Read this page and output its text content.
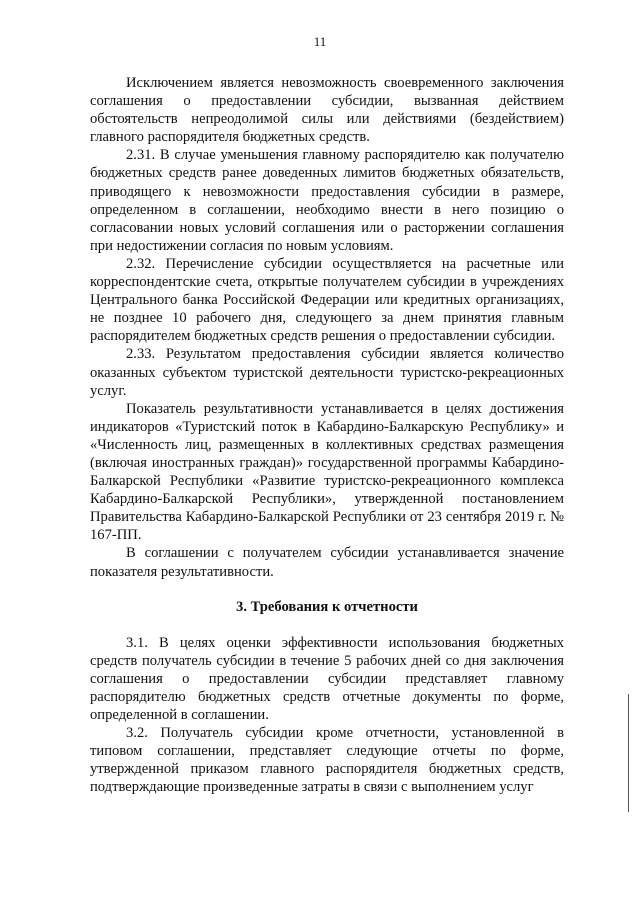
11

Исключением является невозможность своевременного заключения соглашения о предоставлении субсидии, вызванная действием обстоятельств непреодолимой силы или действиями (бездействием) главного распорядителя бюджетных средств.

2.31. В случае уменьшения главному распорядителю как получателю бюджетных средств ранее доведенных лимитов бюджетных обязательств, приводящего к невозможности предоставления субсидии в размере, определенном в соглашении, необходимо внести в него позицию о согласовании новых условий соглашения или о расторжении соглашения при недостижении согласия по новым условиям.

2.32. Перечисление субсидии осуществляется на расчетные или корреспондентские счета, открытые получателем субсидии в учреждениях Центрального банка Российской Федерации или кредитных организациях, не позднее 10 рабочего дня, следующего за днем принятия главным распорядителем бюджетных средств решения о предоставлении субсидии.

2.33. Результатом предоставления субсидии является количество оказанных субъектом туристской деятельности туристско-рекреационных услуг.

Показатель результативности устанавливается в целях достижения индикаторов «Туристский поток в Кабардино-Балкарскую Республику» и «Численность лиц, размещенных в коллективных средствах размещения (включая иностранных граждан)» государственной программы Кабардино-Балкарской Республики «Развитие туристско-рекреационного комплекса Кабардино-Балкарской Республики», утвержденной постановлением Правительства Кабардино-Балкарской Республики от 23 сентября 2019 г. № 167-ПП.

В соглашении с получателем субсидии устанавливается значение показателя результативности.

3. Требования к отчетности

3.1. В целях оценки эффективности использования бюджетных средств получатель субсидии в течение 5 рабочих дней со дня заключения соглашения о предоставлении субсидии представляет главному распорядителю бюджетных средств отчетные документы по форме, определенной в соглашении.

3.2. Получатель субсидии кроме отчетности, установленной в типовом соглашении, представляет следующие отчеты по форме, утвержденной приказом главного распорядителя бюджетных средств, подтверждающие произведенные затраты в связи с выполнением услуг
